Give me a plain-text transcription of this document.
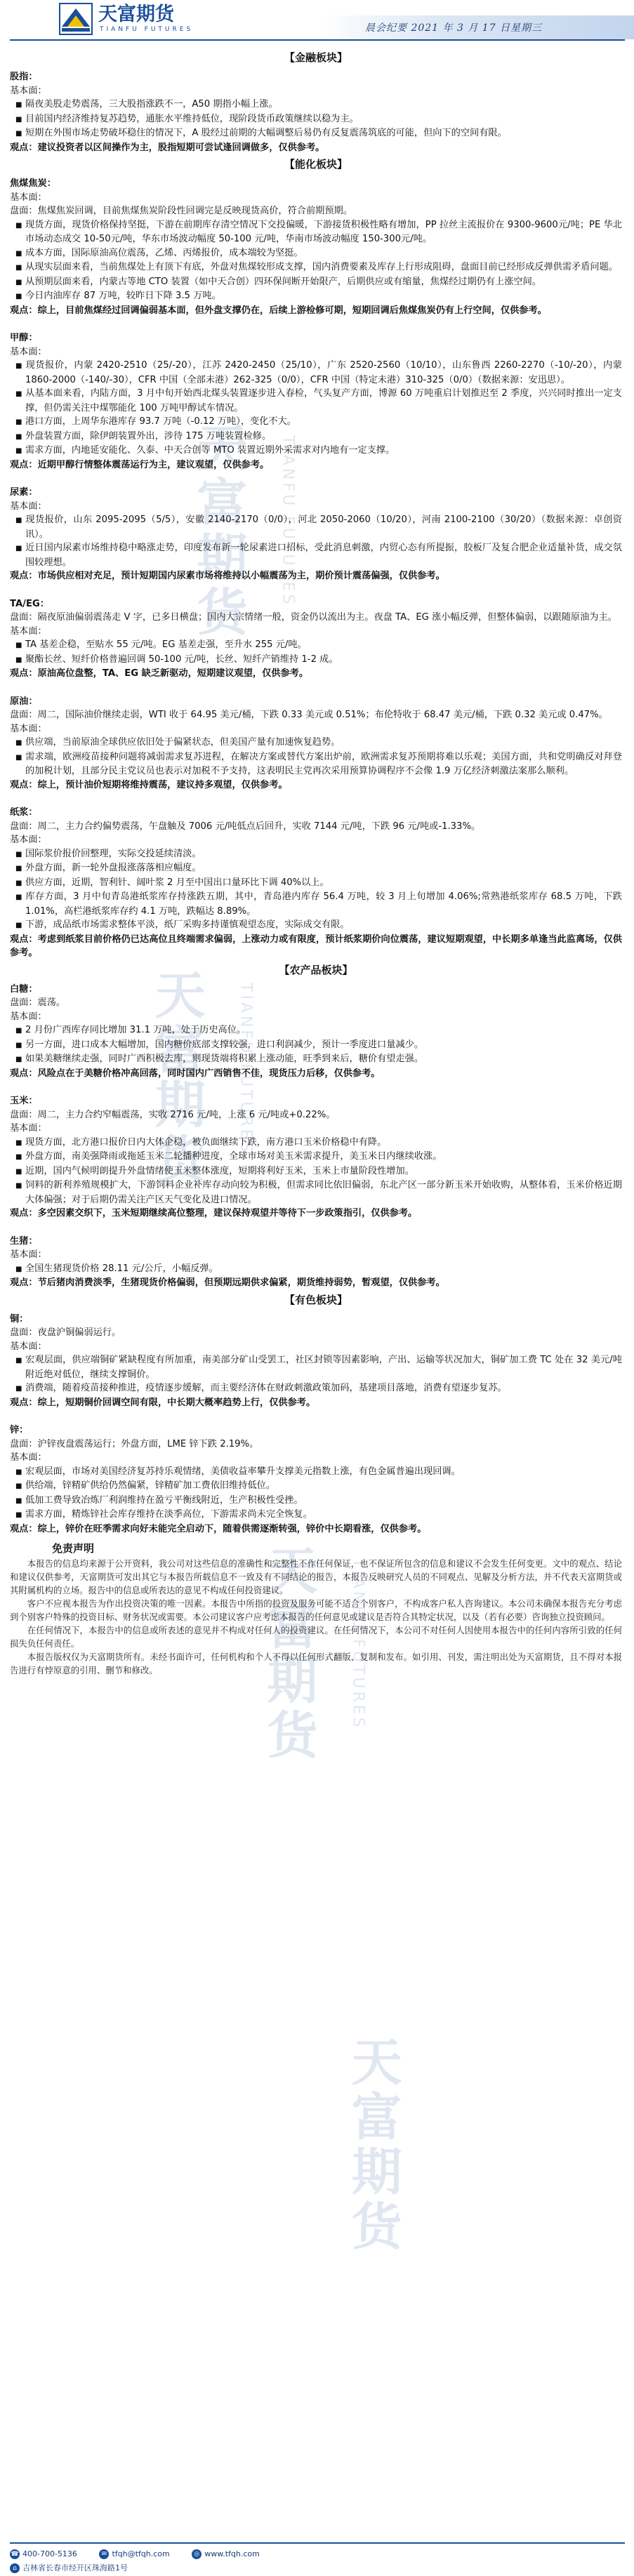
天富期货
TIANFU FUTURES	晨会纪要 2021 年 3 月 17 日星期三
天富期货 TIANFU FUTURES
天富期货 TIANFU FUTURES
天富期货 TIANFU FUTURES
天富期货
【金融板块】
股指：
基本面：
■ 隔夜美股走势震荡，三大股指涨跌不一，A50 期指小幅上涨。
■ 目前国内经济维持复苏趋势，通胀水平维持低位，现阶段货币政策继续以稳为主。
■ 短期在外围市场走势破坏稳住的情况下，A 股经过前期的大幅调整后易仍有反复震荡筑底的可能，但向下的空间有限。
观点：建议投资者以区间操作为主，股指短期可尝试逢回调做多，仅供参考。
【能化板块】
焦煤焦炭：
基本面：
盘面：焦煤焦炭回调，目前焦煤焦炭阶段性回调完是反映现货高价，符合前期预期。
■ 现货方面，现货价格保持坚挺，下游在前期库存清空情况下交投偏暖，下游接货积极性略有增加，PP 拉丝主流报价在 9300-9600元/吨；PE 华北市场动态成交 10-50元/吨，华东市场波动幅度 50-100 元/吨，华南市场波动幅度 150-300元/吨。
■ 成本方面，国际原油高位震荡，乙烯、丙烯报价，成本端较为坚挺。
■ 从现实层面来看，当前焦煤处上有顶下有底，外盘对焦煤较形成支撑，国内消费要素及库存上行形成阻碍，盘面目前已经形成反弹供需矛盾问题。
■ 从预期层面来看，内蒙古等地 CTO 装置（如中天合创）四环保间断开始限产，后期供应或有缩量，焦煤经过期仍有上涨空间。
■ 今日内油库存 87 万吨，较昨日下降 3.5 万吨。
观点：综上，目前焦煤经过回调偏弱基本面，但外盘支撑仍在，后续上游检修可期，短期回调后焦煤焦炭仍有上行空间，仅供参考。
甲醇：
基本面：
■ 现货报价，内蒙 2420-2510（25/-20），江苏 2420-2450（25/10），广东 2520-2560（10/10），山东鲁西 2260-2270（-10/-20），内蒙 1860-2000（-140/-30），CFR 中国（全部未港）262-325（0/0），CFR 中国（特定未港）310-325（0/0）（数据来源：安迅思）。
■ 从基本面来看，内陆方面，3 月中旬开始西北煤头装置逐步进入春检，气头复产方面，博源 60 万吨重启计划推迟至 2 季度，兴兴同时推出一定支撑，但仍需关注中煤鄂能化 100 万吨甲醇试车情况。
■ 港口方面，上周华东港库存 93.7 万吨（-0.12 万吨），变化不大。
■ 外盘装置方面，除伊朗装置外出，涉待 175 万吨装置检修。
■ 需求方面，内地延安能化、久泰、中天合创等 MTO 装置近期外采需求对内地有一定支撑。
观点：近期甲醇行情整体震荡运行为主，建议观望，仅供参考。
尿素：
基本面：
■ 现货报价，山东 2095-2095（5/5），安徽 2140-2170（0/0），河北 2050-2060（10/20），河南 2100-2100（30/20）（数据来源：卓创资讯）。
■ 近日国内尿素市场维持稳中略涨走势，印度发布新一轮尿素进口招标，受此消息刺激，内贸心态有所提振，胶板厂及复合肥企业适量补货，成交氛围较理想。
观点：市场供应相对充足，预计短期国内尿素市场将维持以小幅震荡为主，期价预计震荡偏强，仅供参考。
TA/EG：
盘面：隔夜原油偏弱震荡走 V 字，已多日横盘；国内大宗情绪一般，资金仍以流出为主。夜盘 TA、EG 涨小幅反弹，但整体偏弱，以跟随原油为主。
基本面：
■ TA 基差企稳，至贴水 55 元/吨。EG 基差走强，至升水 255 元/吨。
■ 聚酯长丝、短纤价格普遍回调 50-100 元/吨，长丝、短纤产销维持 1-2 成。
观点：原油高位盘整，TA、EG 缺乏新驱动，短期建议观望，仅供参考。
原油：
盘面：周二，国际油价继续走弱，WTI 收于 64.95 美元/桶，下跌 0.33 美元或 0.51%；布伦特收于 68.47 美元/桶，下跌 0.32 美元或 0.47%。
基本面：
■ 供应端，当前原油全球供应依旧处于偏紧状态，但美国产量有加速恢复趋势。
■ 需求端，欧洲疫苗接种问题将减弱需求复苏进程，在解决方案或替代方案出炉前，欧洲需求复苏预期将难以乐观；美国方面，共和党明确反对拜登的加税计划，且部分民主党议员也表示对加税不予支持，这表明民主党再次采用预算协调程序不会像 1.9 万亿经济刺激法案那么顺利。
观点：综上，预计油价短期将维持震荡，建议持多观望，仅供参考。
纸浆：
盘面：周二，主力合约偏势震荡，午盘触及 7006 元/吨低点后回升，实收 7144 元/吨，下跌 96 元/吨或-1.33%。
基本面：
■ 国际浆价报价回整理，实际交投延续清淡。
■ 外盘方面，新一轮外盘报涨落落相应幅度。
■ 供应方面，近期，智利针、阔叶浆 2 月至中国出口量环比下调 40%以上。
■ 库存方面，3 月中旬青岛港纸浆库存持涨跌五期，其中，青岛港内库存 56.4 万吨，较 3 月上旬增加 4.06%;常熟港纸浆库存 68.5 万吨，下跌 1.01%，高栏港纸浆库存约 4.1 万吨，跌幅达 8.89%。
■ 下游，成品纸市场需求整体平淡，纸厂采购多持谨慎观望态度，实际成交有限。
观点：考虑到纸浆目前价格仍已达高位且终端需求偏弱，上涨动力或有限度，预计纸浆期价向位震荡，建议短期观望，中长期多单逢当此监离场，仅供参考。
【农产品板块】
白糖：
盘面：震荡。
基本面：
■ 2 月份广西库存同比增加 31.1 万吨，处于历史高位。
■ 另一方面，进口成本大幅增加，国内糖价底部支撑较强，进口利润减少，预计一季度进口量减少。
■ 如果美糖继续走强，同时广西积极去库，则现货端将积累上涨动能，旺季到来后，糖价有望走强。
观点：风险点在于美糖价格冲高回落，同时国内广西销售不佳，现货压力后移，仅供参考。
玉米：
盘面：周二，主力合约窄幅震荡，实收 2716 元/吨，上涨 6 元/吨或+0.22%。
基本面：
■ 现货方面，北方港口报价日内大体企稳，被负面继续下跌，南方港口玉米价格稳中有降。
■ 外盘方面，南美强降雨或拖延玉米二轮播种进度，全球市场对美玉米需求提升，美玉米日内继续收涨。
■ 近期，国内气候明朗提升外盘情绪使玉米整体涨度，短期将利好玉米，玉米上市量阶段性增加。
■ 饲料的新利养殖规模扩大，下游饲料企业补库存动向较为积极，但需求同比依旧偏弱，东北产区一部分新玉米开始收购，从整体看，玉米价格近期大体偏强；对于后期仍需关注产区天气变化及进口情况。
观点：多空因素交织下，玉米短期继续高位整理，建议保持观望并等待下一步政策指引，仅供参考。
生猪：
基本面：
■ 全国生猪现货价格 28.11 元/公斤，小幅反弹。
观点：节后猪肉消费淡季，生猪现货价格偏弱，但预期远期供求偏紧，期货维持弱势，暂观望，仅供参考。
【有色板块】
铜：
盘面：夜盘沪铜偏弱运行。
基本面：
■ 宏观层面，供应端铜矿紧缺程度有所加重，南美部分矿山受罢工，社区封锁等因素影响，产出、运输等状况加大，铜矿加工费 TC 处在 32 美元/吨附近绝对低位，继续支撑铜价。
■ 消费端，随着疫苗接种推进，疫情逐步缓解，而主要经济体在财政刺激政策加码，基建项目落地，消费有望逐步复苏。
观点：综上，短期铜价回调空间有限，中长期大概率趋势上行，仅供参考。
锌：
盘面：沪锌夜盘震荡运行；外盘方面，LME 锌下跌 2.19%。
基本面：
■ 宏观层面，市场对美国经济复苏持乐观情绪，美债收益率攀升支撑美元指数上涨，有色金属普遍出现回调。
■ 供给端，锌精矿供给仍然偏紧，锌精矿加工费依旧维持低位。
■ 低加工费导致冶炼厂利润维持在盈亏平衡线附近，生产积极性受挫。
■ 需求方面，精炼锌社会库存维持在淡季高位，下游需求尚未完全恢复。
观点：综上，锌价在旺季需求向好未能完全启动下，随着供需逐渐转强，锌价中长期看涨，仅供参考。
免责声明
本报告的信息均来源于公开资料，我公司对这些信息的准确性和完整性不作任何保证，也不保证所包含的信息和建议不会发生任何变更。文中的观点、结论和建议仅供参考，天富期货可发出其它与本报告所载信息不一致及有不同结论的报告，本报告反映研究人员的不同观点、见解及分析方法，并不代表天富期货或其附属机构的立场。报告中的信息或所表达的意见不构成任何投资建议。
客户不应视本报告为作出投资决策的唯一因素。本报告中所指的投资及服务可能不适合个别客户，不构成客户私人咨询建议。本公司未确保本报告充分考虑到个别客户特殊的投资目标、财务状况或需要。本公司建议客户应考虑本报告的任何意见或建议是否符合其特定状况，以及（若有必要）咨询独立投资顾问。
在任何情况下，本报告中的信息或所表述的意见并不构成对任何人的投资建议。在任何情况下，本公司不对任何人因使用本报告中的任何内容所引致的任何损失负任何责任。
本报告版权仅为天富期货所有。未经书面许可，任何机构和个人不得以任何形式翻版、复制和发布。如引用、刊发，需注明出处为天富期货，且不得对本报告进行有悖原意的引用、删节和修改。
☎ 400-700-5136	✉ tfqh@tfqh.com	◎ www.tfqh.com
⌂ 吉林省长春市经开区珠海路1号
